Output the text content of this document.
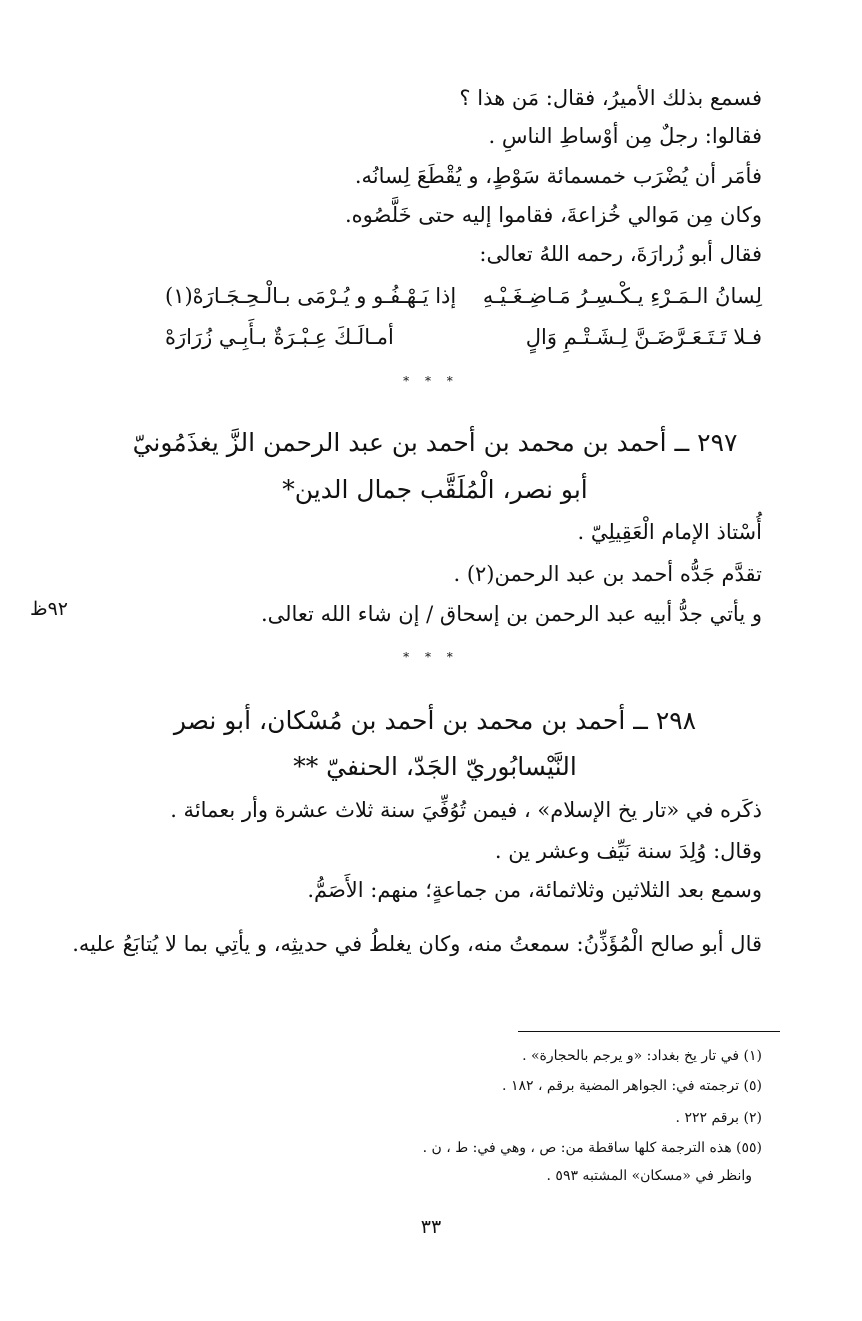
فسمع بذلك الأميرُ، فقال: مَن هذا ؟
فقالوا: رجلٌ مِن أوْساطِ الناسِ .
فأمَر أن يُضْرَب خمسمائة سَوْطٍ، و يُقْطَعَ لِسانُه.
وكان مِن مَوالي خُزاعةَ، فقاموا إليه حتى خَلَّصُوه.
فقال أبو زُرارَةَ، رحمه اللهُ تعالى:
لِسانُ الـمَـرْءِ يـكْـسِـرُ مَـاضِـغَـيْـهِ
إذا يَـهْـفُـو و يُـرْمَى بـالْـحِـجَـارَهْ(١)
فـلا تَـتَـعَـرَّضَـنَّ لِـشَـتْـمِ وَالٍ
أمـالَـكَ عِـبْـرَةٌ بـأَبِـي زُرَارَهْ
* * *
٢٩٧ ــ أحمد بن محمد بن أحمد بن عبد الرحمن الزَّ يغذَمُونيّ
أبو نصر، الْمُلَقَّب جمال الدين*
أُسْتاذ الإمام الْعَقِيلِيّ .
تقدَّم جَدُّه أحمد بن عبد الرحمن(٢) .
و يأتي جدُّ أبيه عبد الرحمن بن إسحاق / إن شاء الله تعالى.
٩٢ظ
* * *
٢٩٨ ــ أحمد بن محمد بن أحمد بن مُسْكان، أبو نصر
النَّيْسابُوريّ الجَدّ، الحنفيّ **
ذكَره في «تار يخ الإسلام» ، فيمن تُوُفِّيَ سنة ثلاث عشرة وأر بعمائة .
وقال: وُلِدَ سنة نَيِّف وعشر ين .
وسمع بعد الثلاثين وثلاثمائة، من جماعةٍ؛ منهم: الأَصَمُّ.
قال أبو صالح الْمُؤَذِّنُ: سمعتُ منه، وكان يغلطُ في حديثِه، و يأتِي بما لا يُتابَعُ عليه.
(١) في تار يخ بغداد: «و يرجم بالحجارة» .
(٥) ترجمته في: الجواهر المضية برقم ، ١٨٢ .
(٢) برقم ٢٢٢ .
(٥٥) هذه الترجمة كلها ساقطة من: ص ، وهي في: ط ، ن .
وانظر في «مسكان» المشتبه ٥٩٣ .
٣٣
